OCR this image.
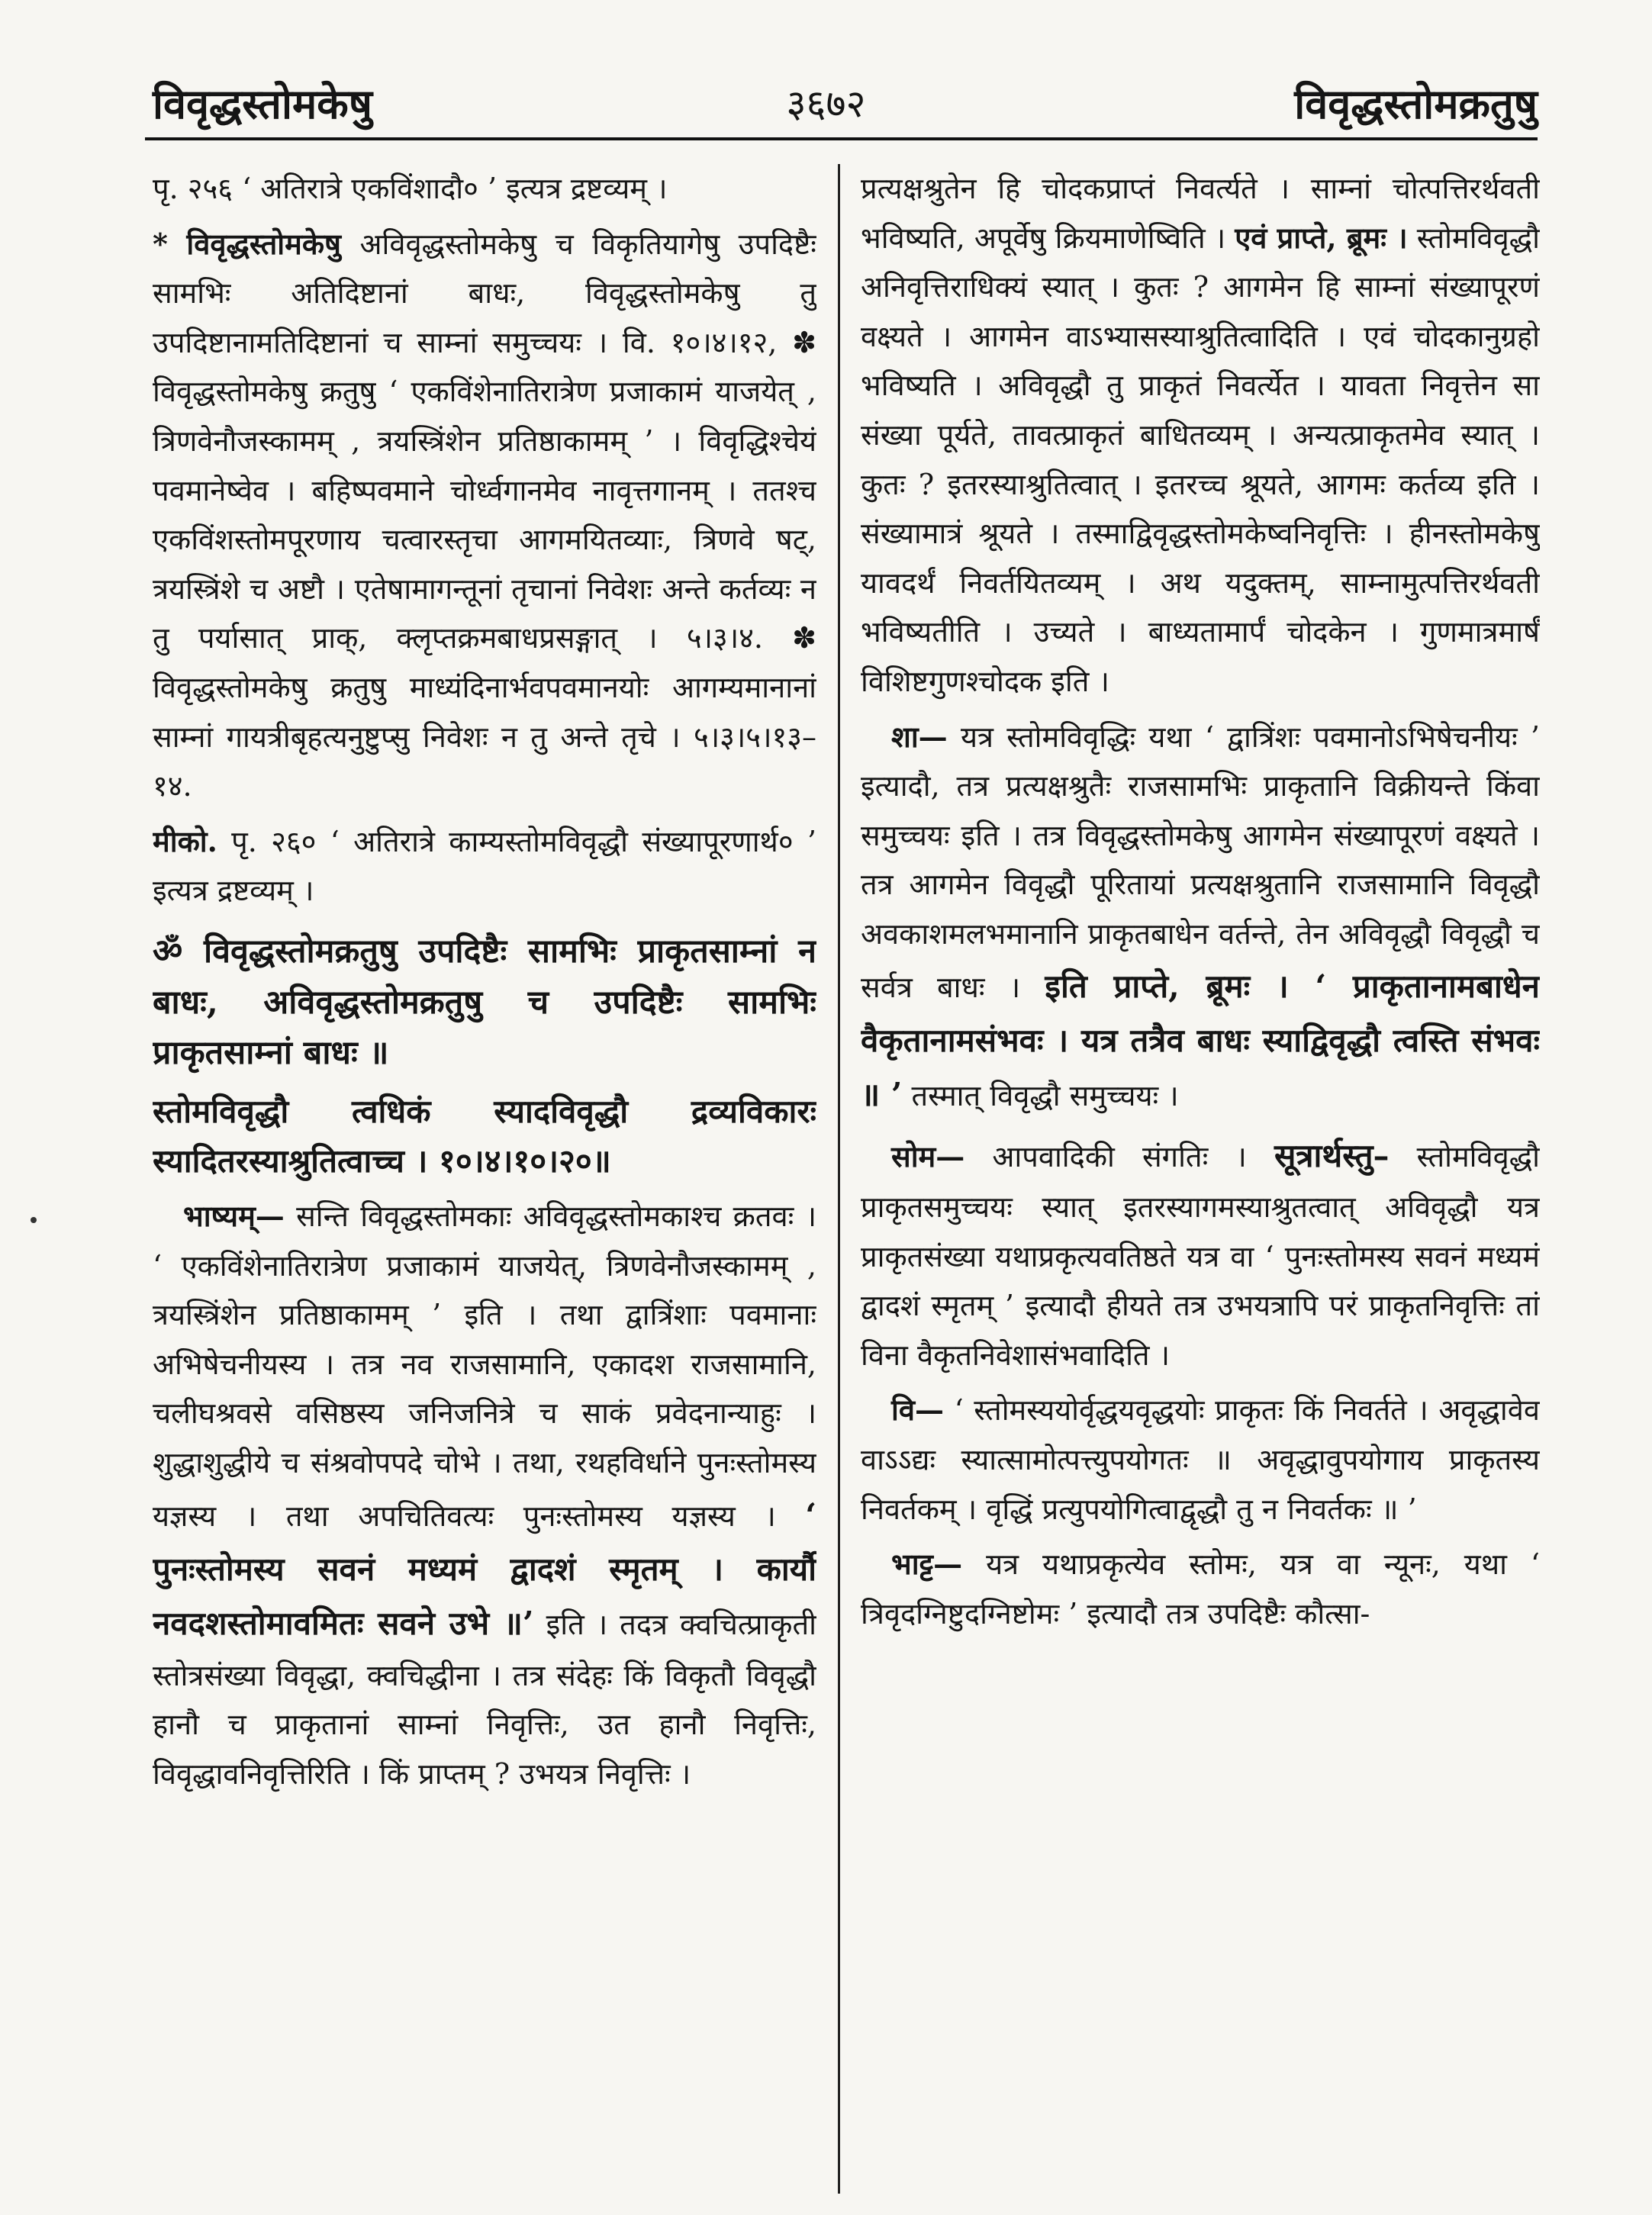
विवृद्धस्तोमकेषु	३६७२	विवृद्धस्तोमक्रतुषु

पृ. २५६ ‘ अतिरात्रे एकविंशादौ० ’ इत्यत्र द्रष्टव्यम् ।

* विवृद्धस्तोमकेषु अविवृद्धस्तोमकेषु च विकृतियागेषु उपदिष्टैः सामभिः अतिदिष्टानां बाधः, विवृद्धस्तोमकेषु तु उपदिष्टानामतिदिष्टानां च साम्नां समुच्चयः । वि. १०।४।१२, ✽ विवृद्धस्तोमकेषु क्रतुषु ‘ एकविंशेनातिरात्रेण प्रजाकामं याजयेत् , त्रिणवेनौजस्कामम् , त्रयस्त्रिंशेन प्रतिष्ठाकामम् ’ । विवृद्धिश्चेयं पवमानेष्वेव । बहिष्पवमाने चोर्ध्वगानमेव नावृत्तगानम् । ततश्च एकविंशस्तोमपूरणाय चत्वारस्तृचा आगमयितव्याः, त्रिणवे षट्, त्रयस्त्रिंशे च अष्टौ । एतेषामागन्तूनां तृचानां निवेशः अन्ते कर्तव्यः न तु पर्यासात् प्राक्, क्लृप्तक्रमबाधप्रसङ्गात् । ५।३।४. ✽ विवृद्धस्तोमकेषु क्रतुषु माध्यंदिनार्भवपवमानयोः आगम्यमानानां साम्नां गायत्रीबृहत्यनुष्टुप्सु निवेशः न तु अन्ते तृचे । ५।३।५।१३–१४.

मीको. पृ. २६० ‘ अतिरात्रे काम्यस्तोमविवृद्धौ संख्यापूरणार्थ० ’ इत्यत्र द्रष्टव्यम् ।

ॐ विवृद्धस्तोमक्रतुषु उपदिष्टैः सामभिः प्राकृतसाम्नां न बाधः, अविवृद्धस्तोमक्रतुषु च उपदिष्टैः सामभिः प्राकृतसाम्नां बाधः ॥

स्तोमविवृद्धौ त्वधिकं स्यादविवृद्धौ द्रव्यविकारः स्यादितरस्याश्रुतित्वाच्च । १०।४।१०।२०॥

भाष्यम्— सन्ति विवृद्धस्तोमकाः अविवृद्धस्तोमकाश्च क्रतवः । ‘ एकविंशेनातिरात्रेण प्रजाकामं याजयेत्, त्रिणवेनौजस्कामम् , त्रयस्त्रिंशेन प्रतिष्ठाकामम् ’ इति । तथा द्वात्रिंशाः पवमानाः अभिषेचनीयस्य । तत्र नव राजसामानि, एकादश राजसामानि, चलीघश्रवसे वसिष्ठस्य जनिजनित्रे च साकं प्रवेदनान्याहुः । शुद्धाशुद्धीये च संश्रवोपपदे चोभे । तथा, रथहविर्धाने पुनःस्तोमस्य यज्ञस्य । तथा अपचितिवत्यः पुनःस्तोमस्य यज्ञस्य । ‘ पुनःस्तोमस्य सवनं मध्यमं द्वादशं स्मृतम् । कार्यौ नवदशस्तोमावमितः सवने उभे ॥’ इति । तदत्र क्वचित्प्राकृती स्तोत्रसंख्या विवृद्धा, क्वचिद्धीना । तत्र संदेहः किं विकृतौ विवृद्धौ हानौ च प्राकृतानां साम्नां निवृत्तिः, उत हानौ निवृत्तिः, विवृद्धावनिवृत्तिरिति । किं प्राप्तम् ? उभयत्र निवृत्तिः ।

प्रत्यक्षश्रुतेन हि चोदकप्राप्तं निवर्त्यते । साम्नां चोत्पत्तिरर्थवती भविष्यति, अपूर्वेषु क्रियमाणेष्विति । एवं प्राप्ते, ब्रूमः । स्तोमविवृद्धौ अनिवृत्तिराधिक्यं स्यात् । कुतः ? आगमेन हि साम्नां संख्यापूरणं वक्ष्यते । आगमेन वाऽभ्यासस्याश्रुतित्वादिति । एवं चोदकानुग्रहो भविष्यति । अविवृद्धौ तु प्राकृतं निवर्त्येत । यावता निवृत्तेन सा संख्या पूर्यते, तावत्प्राकृतं बाधितव्यम् । अन्यत्प्राकृतमेव स्यात् । कुतः ? इतरस्याश्रुतित्वात् । इतरच्च श्रूयते, आगमः कर्तव्य इति । संख्यामात्रं श्रूयते । तस्माद्विवृद्धस्तोमकेष्वनिवृत्तिः । हीनस्तोमकेषु यावदर्थं निवर्तयितव्यम् । अथ यदुक्तम्, साम्नामुत्पत्तिरर्थवती भविष्यतीति । उच्यते । बाध्यतामार्पं चोदकेन । गुणमात्रमार्षं विशिष्टगुणश्चोदक इति ।

शा— यत्र स्तोमविवृद्धिः यथा ‘ द्वात्रिंशः पवमानोऽभिषेचनीयः ’ इत्यादौ, तत्र प्रत्यक्षश्रुतैः राजसामभिः प्राकृतानि विक्रीयन्ते किंवा समुच्चयः इति । तत्र विवृद्धस्तोमकेषु आगमेन संख्यापूरणं वक्ष्यते । तत्र आगमेन विवृद्धौ पूरितायां प्रत्यक्षश्रुतानि राजसामानि विवृद्धौ अवकाशमलभमानानि प्राकृतबाधेन वर्तन्ते, तेन अविवृद्धौ विवृद्धौ च सर्वत्र बाधः । इति प्राप्ते, ब्रूमः । ‘ प्राकृतानामबाधेन वैकृतानामसंभवः । यत्र तत्रैव बाधः स्याद्विवृद्धौ त्वस्ति संभवः ॥ ’ तस्मात् विवृद्धौ समुच्चयः ।

सोम— आपवादिकी संगतिः । सूत्रार्थस्तु– स्तोमविवृद्धौ प्राकृतसमुच्चयः स्यात् इतरस्यागमस्याश्रुतत्वात् अविवृद्धौ यत्र प्राकृतसंख्या यथाप्रकृत्यवतिष्ठते यत्र वा ‘ पुनःस्तोमस्य सवनं मध्यमं द्वादशं स्मृतम् ’ इत्यादौ हीयते तत्र उभयत्रापि परं प्राकृतनिवृत्तिः तां विना वैकृतनिवेशासंभवादिति ।

वि— ‘ स्तोमस्ययोर्वृद्धयवृद्धयोः प्राकृतः किं निवर्तते । अवृद्धावेव वाऽऽद्यः स्यात्सामोत्पत्त्युपयोगतः ॥ अवृद्धावुपयोगाय प्राकृतस्य निवर्तकम् । वृद्धिं प्रत्युपयोगित्वाद्वृद्धौ तु न निवर्तकः ॥ ’

भाट्ट— यत्र यथाप्रकृत्येव स्तोमः, यत्र वा न्यूनः, यथा ‘ त्रिवृदग्निष्टुदग्निष्टोमः ’ इत्यादौ तत्र उपदिष्टैः कौत्सा-
